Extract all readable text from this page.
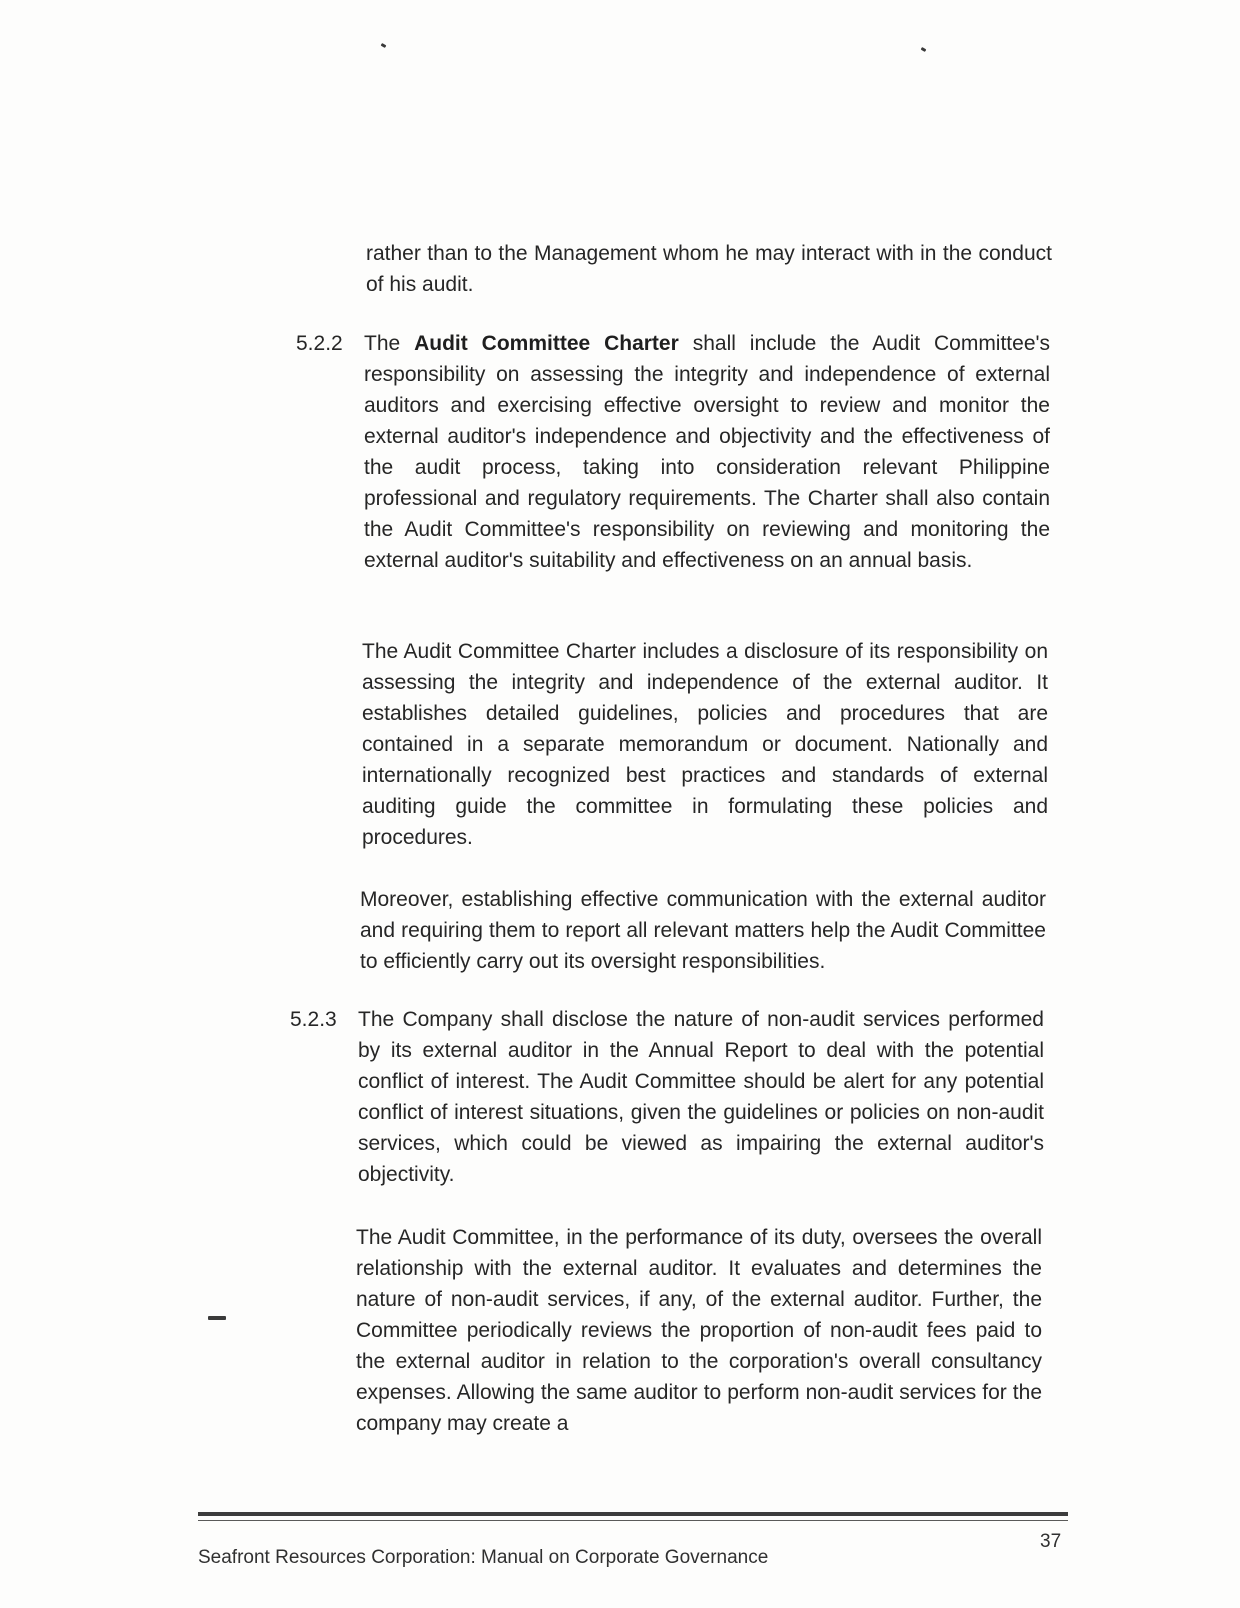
rather than to the Management whom he may interact with in the conduct of his audit.

5.2.2 The Audit Committee Charter shall include the Audit Committee's responsibility on assessing the integrity and independence of external auditors and exercising effective oversight to review and monitor the external auditor's independence and objectivity and the effectiveness of the audit process, taking into consideration relevant Philippine professional and regulatory requirements. The Charter shall also contain the Audit Committee's responsibility on reviewing and monitoring the external auditor's suitability and effectiveness on an annual basis.

The Audit Committee Charter includes a disclosure of its responsibility on assessing the integrity and independence of the external auditor. It establishes detailed guidelines, policies and procedures that are contained in a separate memorandum or document. Nationally and internationally recognized best practices and standards of external auditing guide the committee in formulating these policies and procedures.

Moreover, establishing effective communication with the external auditor and requiring them to report all relevant matters help the Audit Committee to efficiently carry out its oversight responsibilities.

5.2.3 The Company shall disclose the nature of non-audit services performed by its external auditor in the Annual Report to deal with the potential conflict of interest. The Audit Committee should be alert for any potential conflict of interest situations, given the guidelines or policies on non-audit services, which could be viewed as impairing the external auditor's objectivity.

The Audit Committee, in the performance of its duty, oversees the overall relationship with the external auditor. It evaluates and determines the nature of non-audit services, if any, of the external auditor. Further, the Committee periodically reviews the proportion of non-audit fees paid to the external auditor in relation to the corporation's overall consultancy expenses. Allowing the same auditor to perform non-audit services for the company may create a

37
Seafront Resources Corporation: Manual on Corporate Governance
